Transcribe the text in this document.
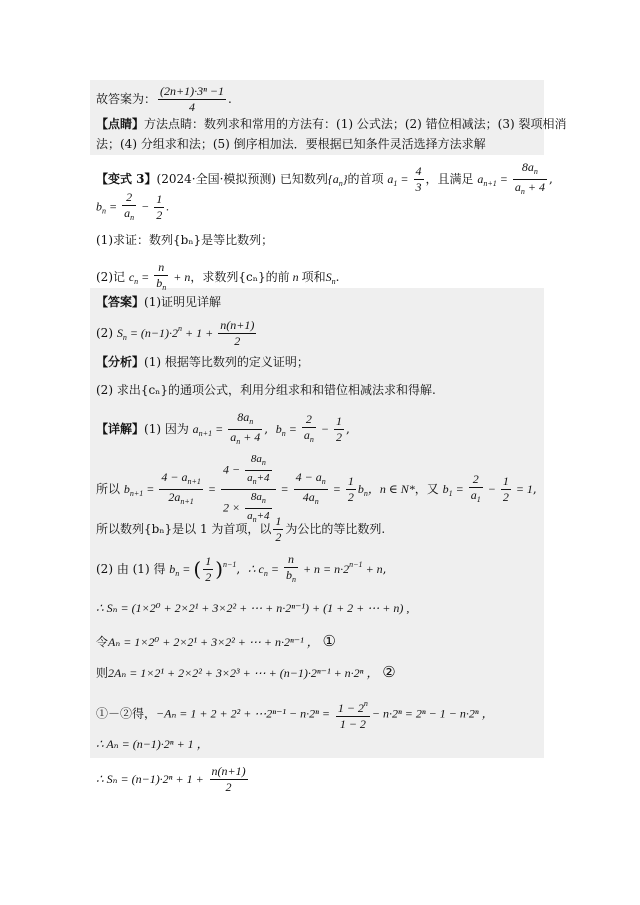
故答案为： $\frac{\text{(2n+1)·3ⁿ −1}}{4}$ .
【点睛】方法点睛：数列求和常用的方法有：(1) 公式法；(2) 错位相减法；(3) 裂项相消
法；(4) 分组求和法；(5) 倒序相加法．要根据已知条件灵活选择方法求解
【变式 3】(2024·全国·模拟预测) 已知数列$\{a_n\}$的首项 $a_1 = \frac{4}{3}$ ，且满足 $a_{n+1} = \frac{8a_n}{a_n + 4}$ ,
$b_n = \frac{2}{a_n} - \frac{1}{2}$ .
(1)求证：数列{bₙ}是等比数列；
(2)记 $c_n = \frac{n}{b_n} + n$，求数列{cₙ}的前 n 项和$S_n$.
【答案】(1)证明见详解
(2) $S_n = (n-1)\cdot 2^n + 1 + \frac{n(n+1)}{2}$
【分析】(1) 根据等比数列的定义证明；
(2) 求出{cₙ}的通项公式，利用分组求和和错位相减法求和得解.
【详解】(1) 因为 $a_{n+1} = \frac{8a_n}{a_n + 4}$ ,  $b_n = \frac{2}{a_n} - \frac{1}{2}$ ,
所以 $b_{n+1} = \frac{4 - a_{n+1}}{2a_{n+1}} = \frac{4 - \frac{8a_n}{a_n+4}}{2 \times \frac{8a_n}{a_n+4}} = \frac{4 - a_n}{4a_n} = \frac{1}{2} b_n$，n ∈ N*，又 $b_1 = \frac{2}{a_1} - \frac{1}{2} = 1$,
所以数列{bₙ}是以 1 为首项，以 $\frac{1}{2}$ 为公比的等比数列.
(2) 由 (1) 得 $b_n$ = ( $\frac{1}{2} )^{n-1}$,  ∴ $c_n = \frac{n}{b_n} + n = n\cdot 2^{n-1} + n$,
∴ Sₙ = (1×2⁰ + 2×2¹ + 3×2² + ⋯ + n·2ⁿ⁻¹) + (1 + 2 + ⋯ + n) ,
令Aₙ = 1×2⁰ + 2×2¹ + 3×2² + ⋯ + n·2ⁿ⁻¹ ， ①
则2Aₙ = 1×2¹ + 2×2² + 3×2³ + ⋯ + (n−1)·2ⁿ⁻¹ + n·2ⁿ ， ②
①－②得，−Aₙ = 1 + 2 + 2² + ⋯2ⁿ⁻¹ − $n\cdot 2^n = \frac{1 - 2^n}{1 - 2} - n\cdot 2^n = 2^n - 1 - n\cdot 2^n$ ，
∴ Aₙ = (n−1)·2ⁿ + 1 ，
∴ $S_n = (n-1)\cdot 2^n + 1 + \frac{n(n+1)}{2}$
